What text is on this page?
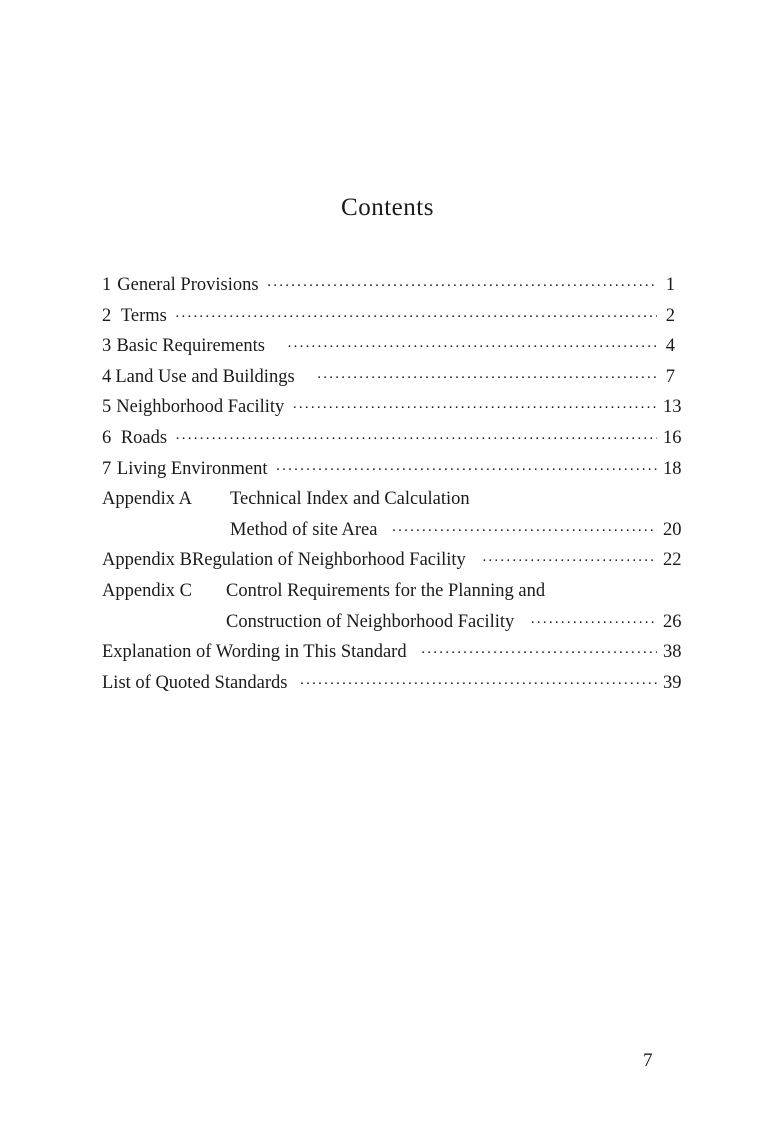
Contents
1 General Provisions ·····	1
2 Terms ·····	2
3 Basic Requirements ·····	4
4 Land Use and Buildings ·····	7
5 Neighborhood Facility ·····	13
6 Roads ·····	16
7 Living Environment ·····	18
Appendix A	Technical Index and Calculation
Method of site Area ·····	20
Appendix B Regulation of Neighborhood Facility ·····	22
Appendix C	Control Requirements for the Planning and
Construction of Neighborhood Facility ·····	26
Explanation of Wording in This Standard ·····	38
List of Quoted Standards ·····	39
7
